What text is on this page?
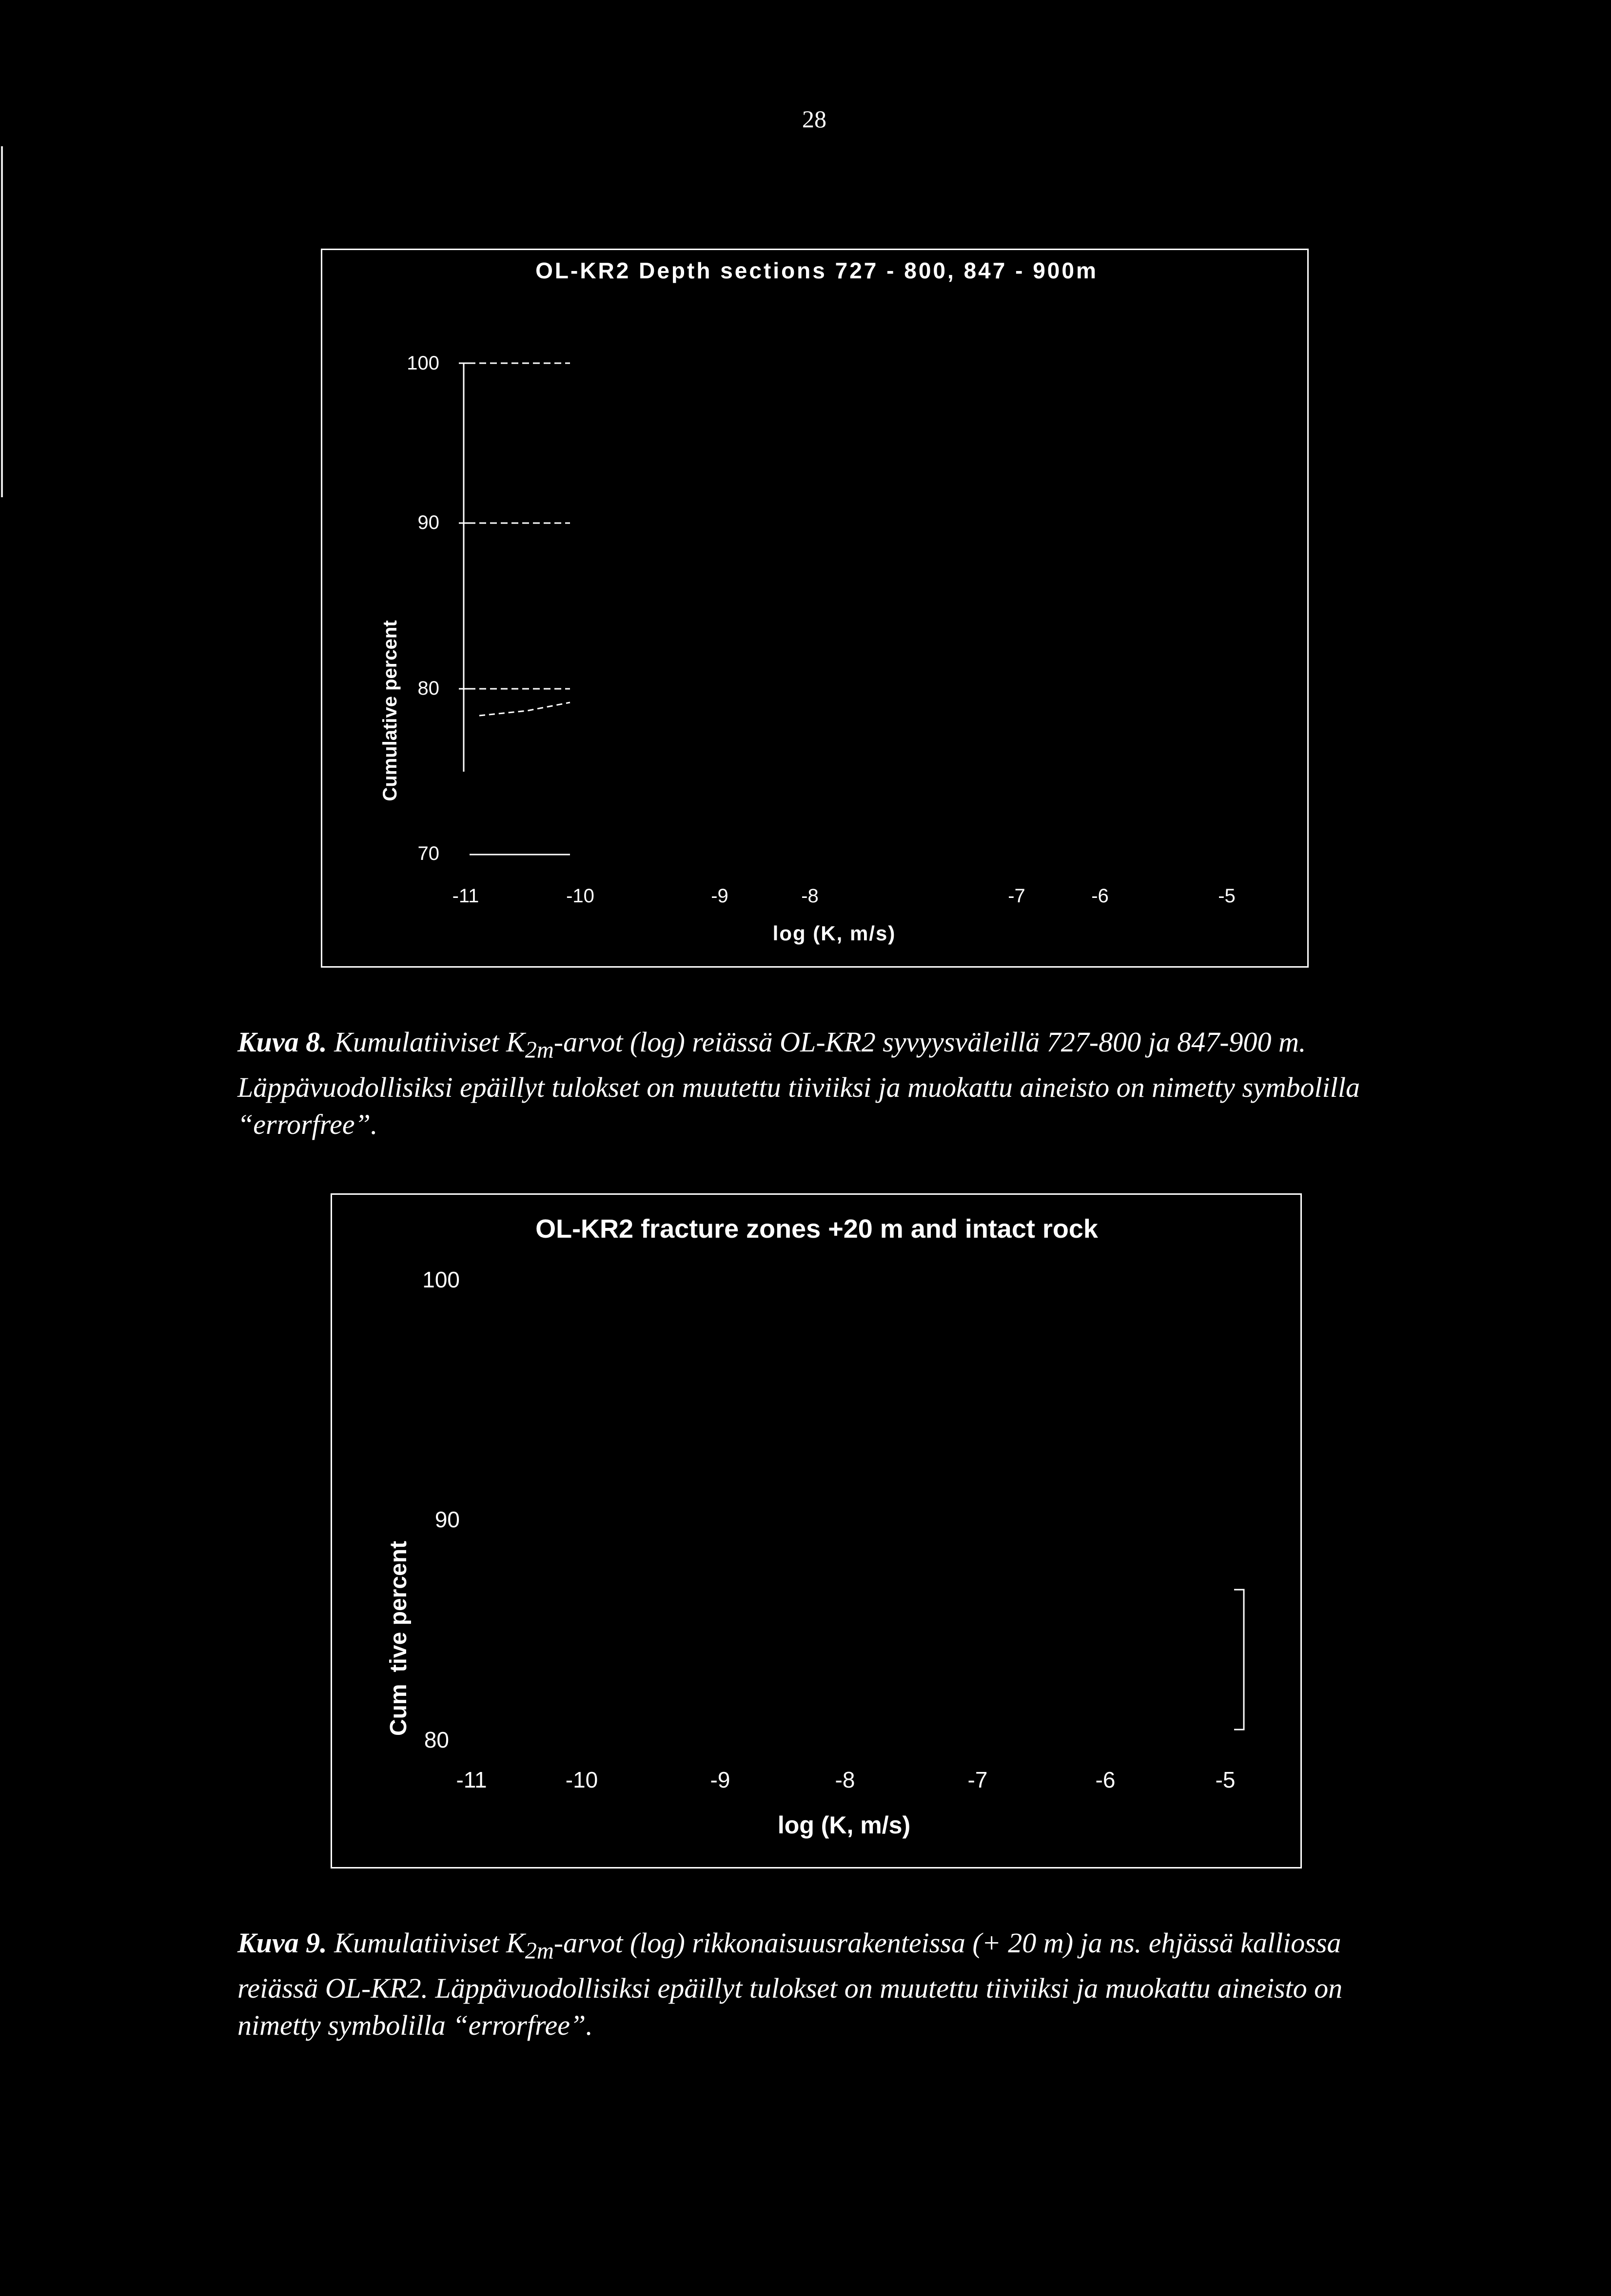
28
OL-KR2 Depth sections 727 - 800, 847 - 900m
Cumulative percent
100
90
80
70
-11	-10	-9	-8	-7	-6	-5
log (K, m/s)

Kuva 8. Kumulatiiviset $K_{2m}$-arvot (log) reiässä OL-KR2 syvyysväleillä 727-800 ja 847-900 m. Läppävuodollisiksi epäillyt tulokset on muutettu tiiviiksi ja muokattu aineisto on nimetty symbolilla “errorfree”.

OL-KR2 fracture zones +20 m and intact rock
Cum tive percent
100
90
80
-11	-10	-9	-8	-7	-6	-5
log (K, m/s)

Kuva 9. Kumulatiiviset $K_{2m}$-arvot (log) rikkonaisuusrakenteissa (+ 20 m) ja ns. ehjässä kalliossa reiässä OL-KR2. Läppävuodollisiksi epäillyt tulokset on muutettu tiiviiksi ja muokattu aineisto on nimetty symbolilla “errorfree”.
